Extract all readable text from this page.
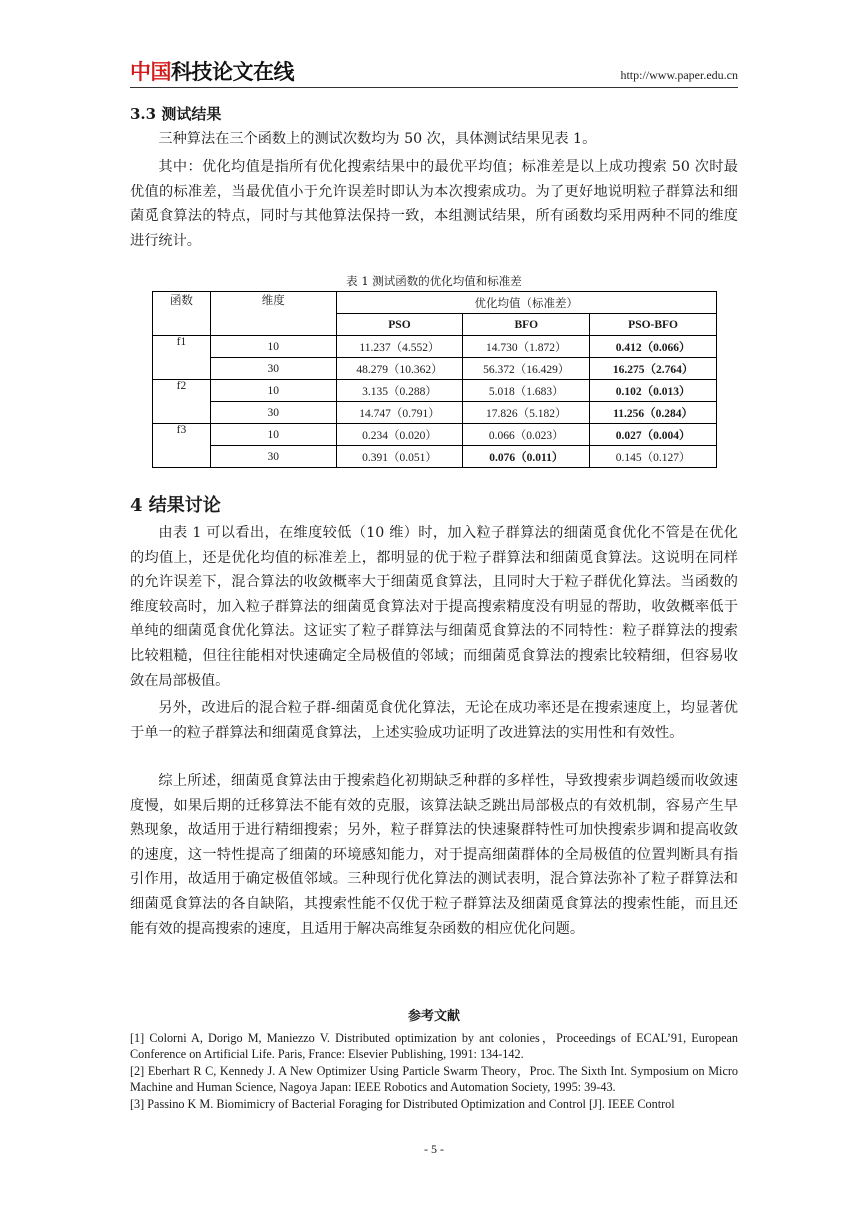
中国科技论文在线	http://www.paper.edu.cn
3.3 测试结果

三种算法在三个函数上的测试次数均为 50 次，具体测试结果见表 1。

其中：优化均值是指所有优化搜索结果中的最优平均值；标准差是以上成功搜索 50 次时最优值的标准差，当最优值小于允许误差时即认为本次搜索成功。为了更好地说明粒子群算法和细菌觅食算法的特点，同时与其他算法保持一致，本组测试结果，所有函数均采用两种不同的维度进行统计。

表 1 测试函数的优化均值和标准差
函数	维度	优化均值（标准差）		
		PSO	BFO	PSO-BFO
f1	10	11.237（4.552）	14.730（1.872）	0.412（0.066）
	30	48.279（10.362）	56.372（16.429）	16.275（2.764）
f2	10	3.135（0.288）	5.018（1.683）	0.102（0.013）
	30	14.747（0.791）	17.826（5.182）	11.256（0.284）
f3	10	0.234（0.020）	0.066（0.023）	0.027（0.004）
	30	0.391（0.051）	0.076（0.011）	0.145（0.127）
4 结果讨论

由表 1 可以看出，在维度较低（10 维）时，加入粒子群算法的细菌觅食优化不管是在优化的均值上，还是优化均值的标准差上，都明显的优于粒子群算法和细菌觅食算法。这说明在同样的允许误差下，混合算法的收敛概率大于细菌觅食算法，且同时大于粒子群优化算法。当函数的维度较高时，加入粒子群算法的细菌觅食算法对于提高搜索精度没有明显的帮助，收敛概率低于单纯的细菌觅食优化算法。这证实了粒子群算法与细菌觅食算法的不同特性：粒子群算法的搜索比较粗糙，但往往能相对快速确定全局极值的邻域；而细菌觅食算法的搜索比较精细，但容易收敛在局部极值。

另外，改进后的混合粒子群-细菌觅食优化算法，无论在成功率还是在搜索速度上，均显著优于单一的粒子群算法和细菌觅食算法，上述实验成功证明了改进算法的实用性和有效性。

综上所述，细菌觅食算法由于搜索趋化初期缺乏种群的多样性，导致搜索步调趋缓而收敛速度慢，如果后期的迁移算法不能有效的克服，该算法缺乏跳出局部极点的有效机制，容易产生早熟现象，故适用于进行精细搜索；另外，粒子群算法的快速聚群特性可加快搜索步调和提高收敛的速度，这一特性提高了细菌的环境感知能力，对于提高细菌群体的全局极值的位置判断具有指引作用，故适用于确定极值邻域。三种现行优化算法的测试表明，混合算法弥补了粒子群算法和细菌觅食算法的各自缺陷，其搜索性能不仅优于粒子群算法及细菌觅食算法的搜索性能，而且还能有效的提高搜索的速度，且适用于解决高维复杂函数的相应优化问题。

参考文献

[1] Colorni A, Dorigo M, Maniezzo V. Distributed optimization by ant colonies，Proceedings of ECAL’91, European Conference on Artificial Life. Paris, France: Elsevier Publishing, 1991: 134-142.

[2] Eberhart R C, Kennedy J. A New Optimizer Using Particle Swarm Theory，Proc. The Sixth Int. Symposium on Micro Machine and Human Science, Nagoya Japan: IEEE Robotics and Automation Society, 1995: 39-43.

[3] Passino K M. Biomimicry of Bacterial Foraging for Distributed Optimization and Control [J]. IEEE Control

- 5 -
